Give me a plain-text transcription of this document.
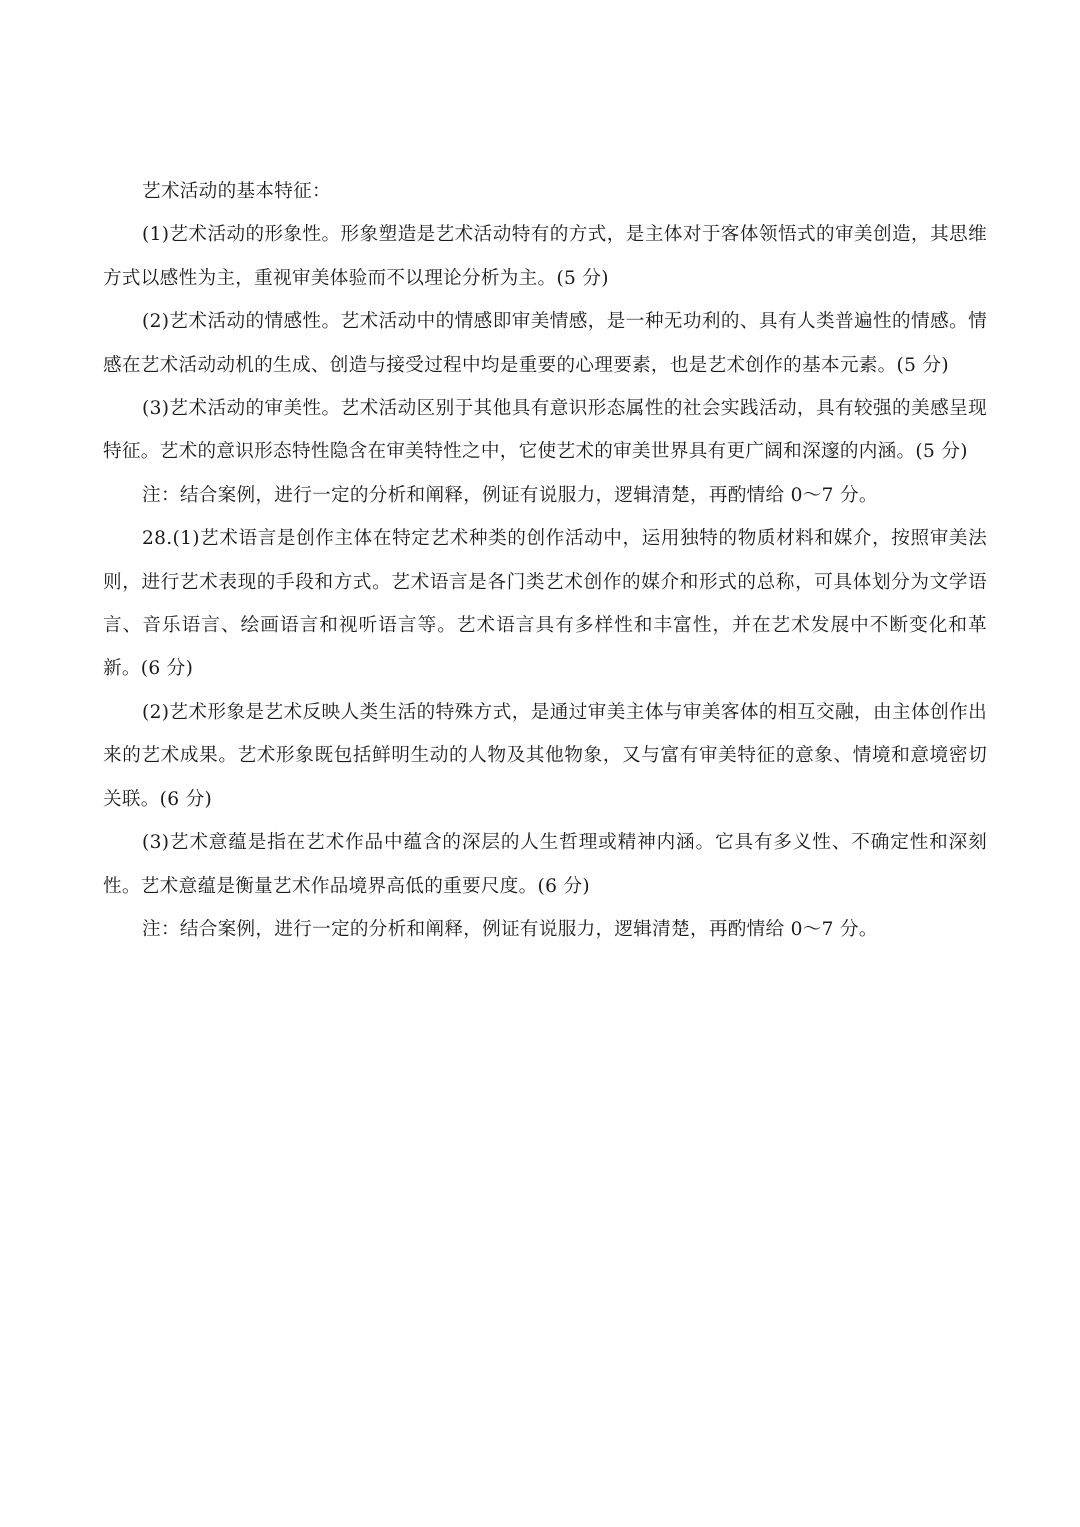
艺术活动的基本特征：

(1)艺术活动的形象性。形象塑造是艺术活动特有的方式，是主体对于客体领悟式的审美创造，其思维方式以感性为主，重视审美体验而不以理论分析为主。(5 分)

(2)艺术活动的情感性。艺术活动中的情感即审美情感，是一种无功利的、具有人类普遍性的情感。情感在艺术活动动机的生成、创造与接受过程中均是重要的心理要素，也是艺术创作的基本元素。(5 分)

(3)艺术活动的审美性。艺术活动区别于其他具有意识形态属性的社会实践活动，具有较强的美感呈现特征。艺术的意识形态特性隐含在审美特性之中，它使艺术的审美世界具有更广阔和深邃的内涵。(5 分)

注：结合案例，进行一定的分析和阐释，例证有说服力，逻辑清楚，再酌情给 0～7 分。

28.(1)艺术语言是创作主体在特定艺术种类的创作活动中，运用独特的物质材料和媒介，按照审美法则，进行艺术表现的手段和方式。艺术语言是各门类艺术创作的媒介和形式的总称，可具体划分为文学语言、音乐语言、绘画语言和视听语言等。艺术语言具有多样性和丰富性，并在艺术发展中不断变化和革新。(6 分)

(2)艺术形象是艺术反映人类生活的特殊方式，是通过审美主体与审美客体的相互交融，由主体创作出来的艺术成果。艺术形象既包括鲜明生动的人物及其他物象，又与富有审美特征的意象、情境和意境密切关联。(6 分)

(3)艺术意蕴是指在艺术作品中蕴含的深层的人生哲理或精神内涵。它具有多义性、不确定性和深刻性。艺术意蕴是衡量艺术作品境界高低的重要尺度。(6 分)

注：结合案例，进行一定的分析和阐释，例证有说服力，逻辑清楚，再酌情给 0～7 分。
